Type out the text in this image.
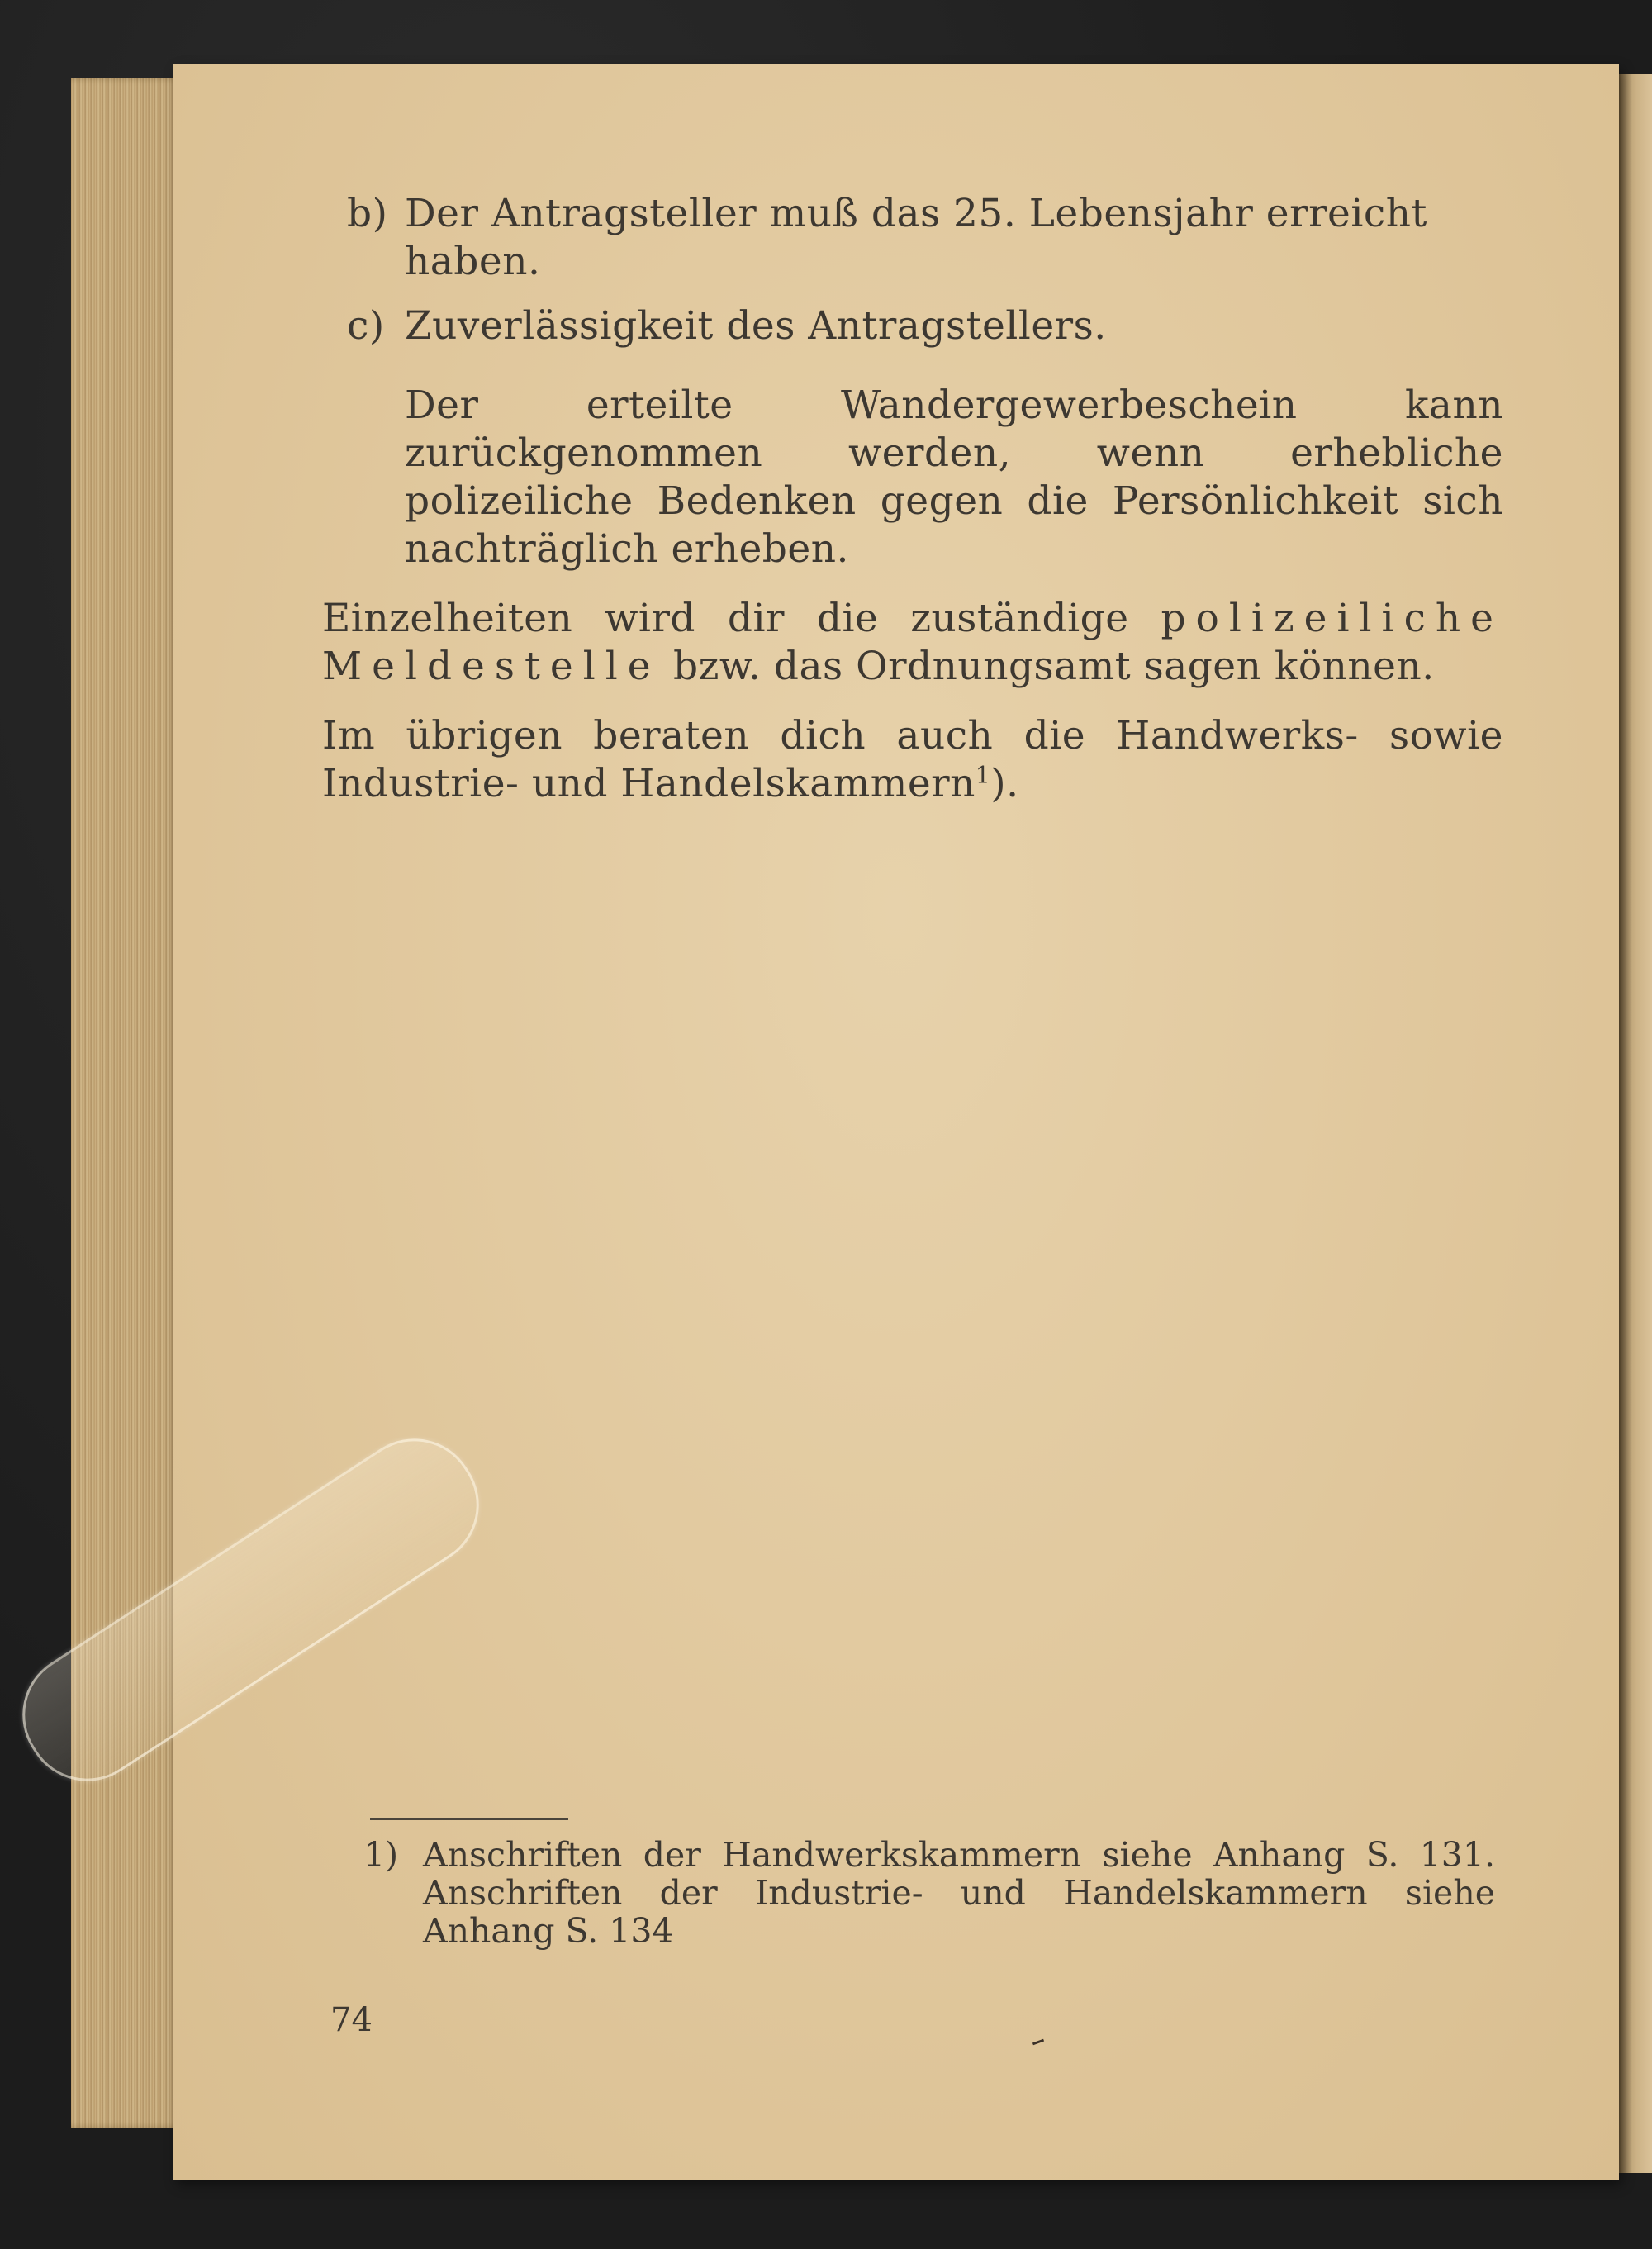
b) Der Antragsteller muß das 25. Lebensjahr erreicht haben.
c) Zuverlässigkeit des Antragstellers.

Der erteilte Wandergewerbeschein kann zurückgenommen werden, wenn erhebliche polizeiliche Bedenken gegen die Persönlichkeit sich nachträglich erheben.

Einzelheiten wird dir die zuständige polizeiliche Meldestelle bzw. das Ordnungsamt sagen können.

Im übrigen beraten dich auch die Handwerks- sowie Industrie- und Handelskammern$^1$).

1) Anschriften der Handwerkskammern siehe Anhang S. 131. Anschriften der Industrie- und Handelskammern siehe Anhang S. 134
74
